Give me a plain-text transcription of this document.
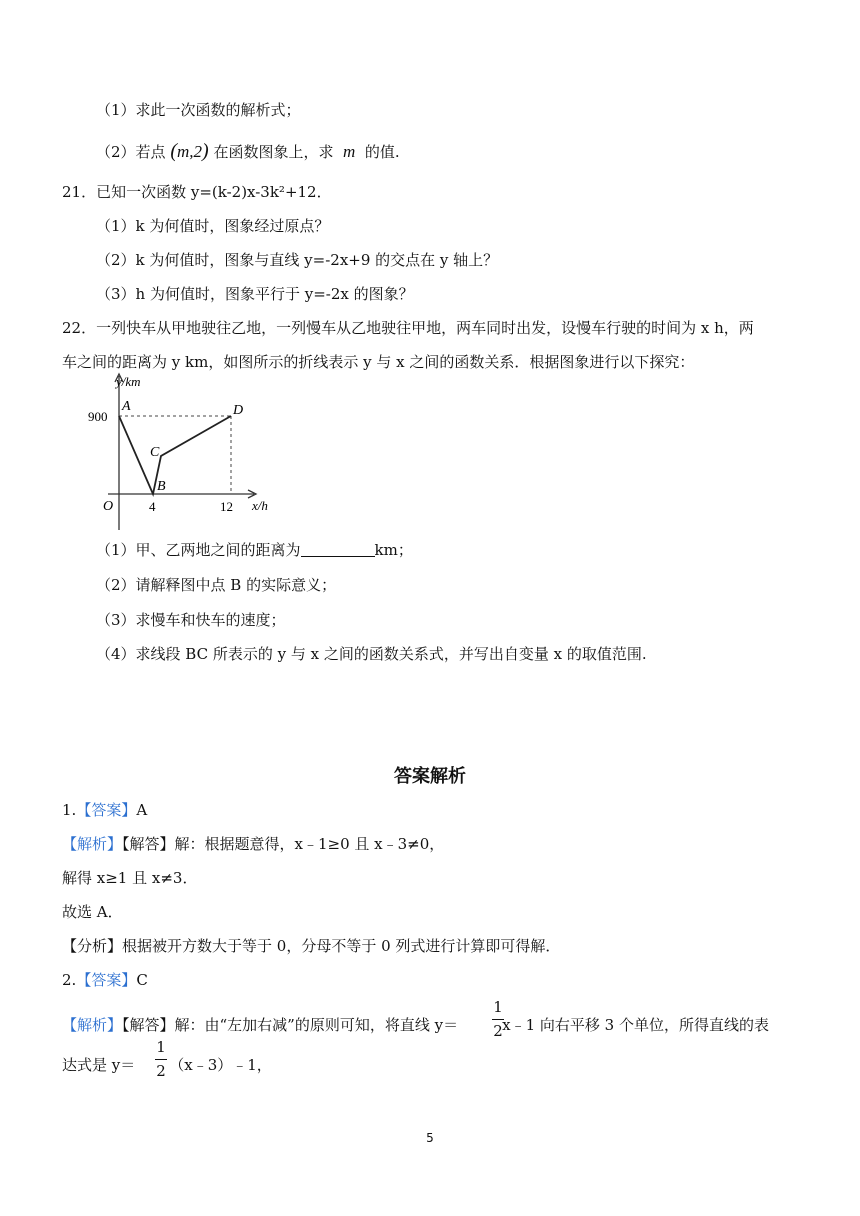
（1）求此一次函数的解析式；
（2）若点 (m,2) 在函数图象上，求 m 的值.
21．已知一次函数 y=(k-2)x-3k²+12．
（1）k 为何值时，图象经过原点？
（2）k 为何值时，图象与直线 y=-2x+9 的交点在 y 轴上？
（3）h 为何值时，图象平行于 y=-2x 的图象？
22．一列快车从甲地驶往乙地，一列慢车从乙地驶往甲地，两车同时出发，设慢车行驶的时间为 x h，两
车之间的距离为 y km，如图所示的折线表示 y 与 x 之间的函数关系．根据图象进行以下探究：
y/km
x/h
O
900
4	12
A
B
C
D
（1）甲、乙两地之间的距离为	km；
（2）请解释图中点 B 的实际意义；
（3）求慢车和快车的速度；
（4）求线段 BC 所表示的 y 与 x 之间的函数关系式，并写出自变量 x 的取值范围.
答案解析
1.【答案】A
【解析】【解答】解：根据题意得，x﹣1≥0 且 x﹣3≠0，
解得 x≥1 且 x≠3．
故选 A．
【分析】根据被开方数大于等于 0，分母不等于 0 列式进行计算即可得解．
2.【答案】C
【解析】【解答】解：由“左加右减”的原则可知，将直线 y＝	x﹣1 向右平移 3 个单位，所得直线的表
1
2
达式是 y＝ （x﹣3）﹣1，
1
2
5
